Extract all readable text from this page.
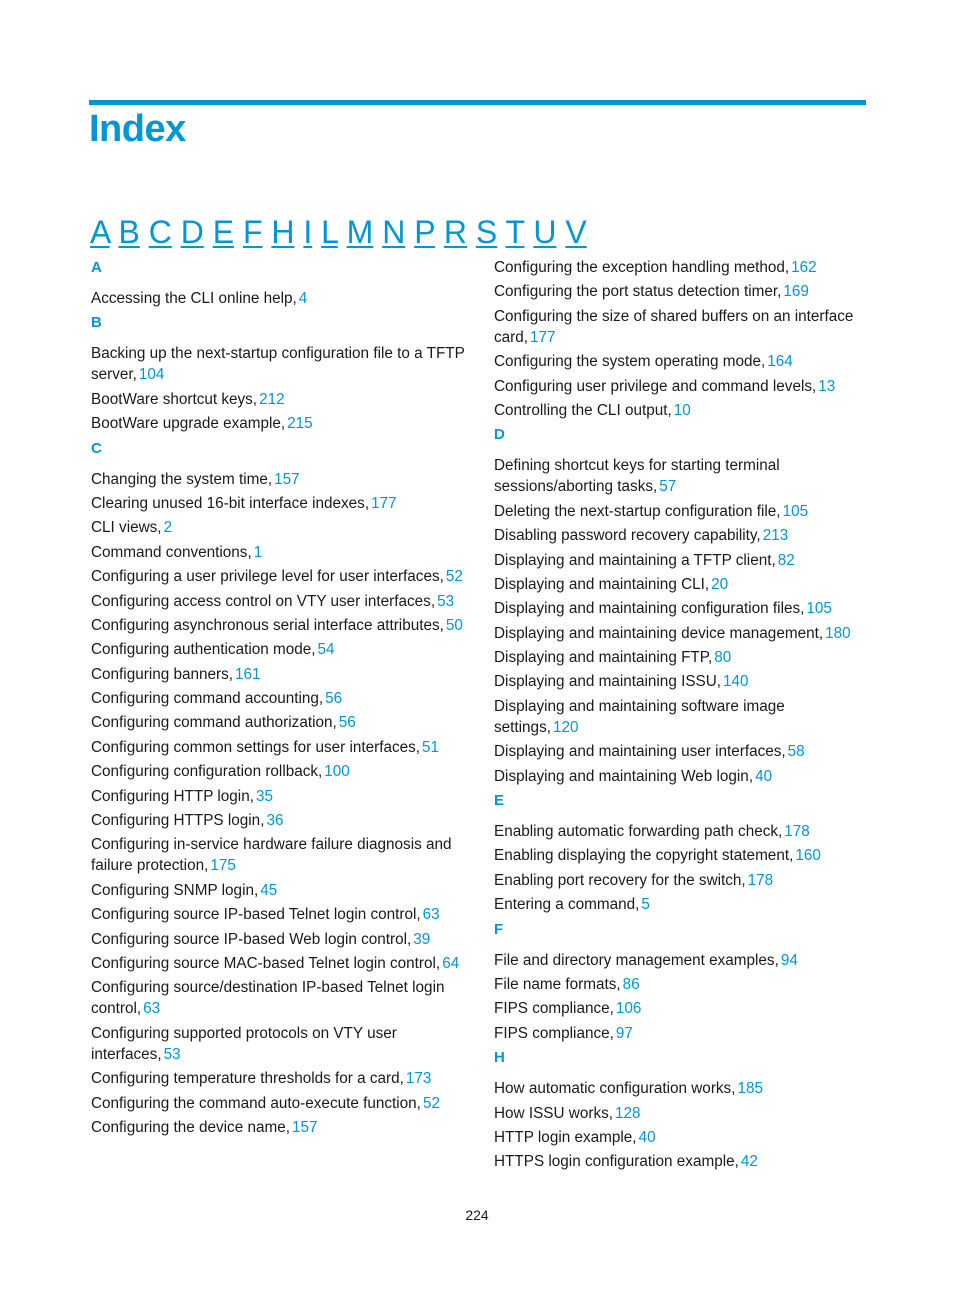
Index
A B C D E F H I L M N P R S T U V
A
Accessing the CLI online help, 4
B
Backing up the next-startup configuration file to a TFTP server, 104
BootWare shortcut keys, 212
BootWare upgrade example, 215
C
Changing the system time, 157
Clearing unused 16-bit interface indexes, 177
CLI views, 2
Command conventions, 1
Configuring a user privilege level for user interfaces, 52
Configuring access control on VTY user interfaces, 53
Configuring asynchronous serial interface attributes, 50
Configuring authentication mode, 54
Configuring banners, 161
Configuring command accounting, 56
Configuring command authorization, 56
Configuring common settings for user interfaces, 51
Configuring configuration rollback, 100
Configuring HTTP login, 35
Configuring HTTPS login, 36
Configuring in-service hardware failure diagnosis and failure protection, 175
Configuring SNMP login, 45
Configuring source IP-based Telnet login control, 63
Configuring source IP-based Web login control, 39
Configuring source MAC-based Telnet login control, 64
Configuring source/destination IP-based Telnet login control, 63
Configuring supported protocols on VTY user interfaces, 53
Configuring temperature thresholds for a card, 173
Configuring the command auto-execute function, 52
Configuring the device name, 157
Configuring the exception handling method, 162
Configuring the port status detection timer, 169
Configuring the size of shared buffers on an interface card, 177
Configuring the system operating mode, 164
Configuring user privilege and command levels, 13
Controlling the CLI output, 10
D
Defining shortcut keys for starting terminal sessions/aborting tasks, 57
Deleting the next-startup configuration file, 105
Disabling password recovery capability, 213
Displaying and maintaining a TFTP client, 82
Displaying and maintaining CLI, 20
Displaying and maintaining configuration files, 105
Displaying and maintaining device management, 180
Displaying and maintaining FTP, 80
Displaying and maintaining ISSU, 140
Displaying and maintaining software image settings, 120
Displaying and maintaining user interfaces, 58
Displaying and maintaining Web login, 40
E
Enabling automatic forwarding path check, 178
Enabling displaying the copyright statement, 160
Enabling port recovery for the switch, 178
Entering a command, 5
F
File and directory management examples, 94
File name formats, 86
FIPS compliance, 106
FIPS compliance, 97
H
How automatic configuration works, 185
How ISSU works, 128
HTTP login example, 40
HTTPS login configuration example, 42
224
